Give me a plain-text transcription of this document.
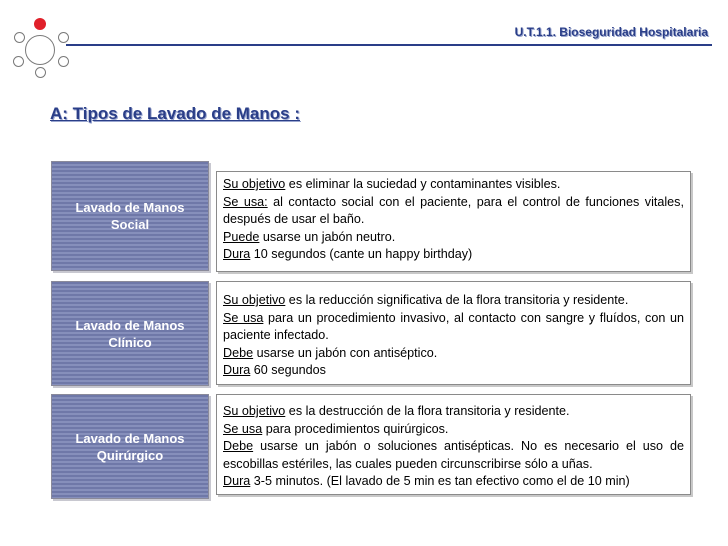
U.T.1.1. Bioseguridad Hospitalaria
A: Tipos de Lavado de Manos :
Lavado de Manos
Social

Su objetivo es eliminar la suciedad y contaminantes visibles.

Se usa: al contacto social con el paciente, para el control de funciones vitales, después de usar el baño.

Puede usarse un jabón neutro.

Dura 10 segundos (cante un happy birthday)

Lavado de Manos
Clínico

Su objetivo es la reducción significativa de la flora transitoria y residente.

Se usa para un procedimiento invasivo, al contacto con sangre y fluídos, con un paciente infectado.

Debe usarse un jabón con antiséptico.

Dura 60 segundos

Lavado de Manos
Quirúrgico

Su objetivo es la destrucción de la flora transitoria y residente.

Se usa para procedimientos quirúrgicos.

Debe usarse un jabón o soluciones antisépticas. No es necesario el uso de escobillas estériles, las cuales pueden circunscribirse sólo a uñas.

Dura 3-5 minutos. (El lavado de 5 min es tan efectivo como el de 10 min)
